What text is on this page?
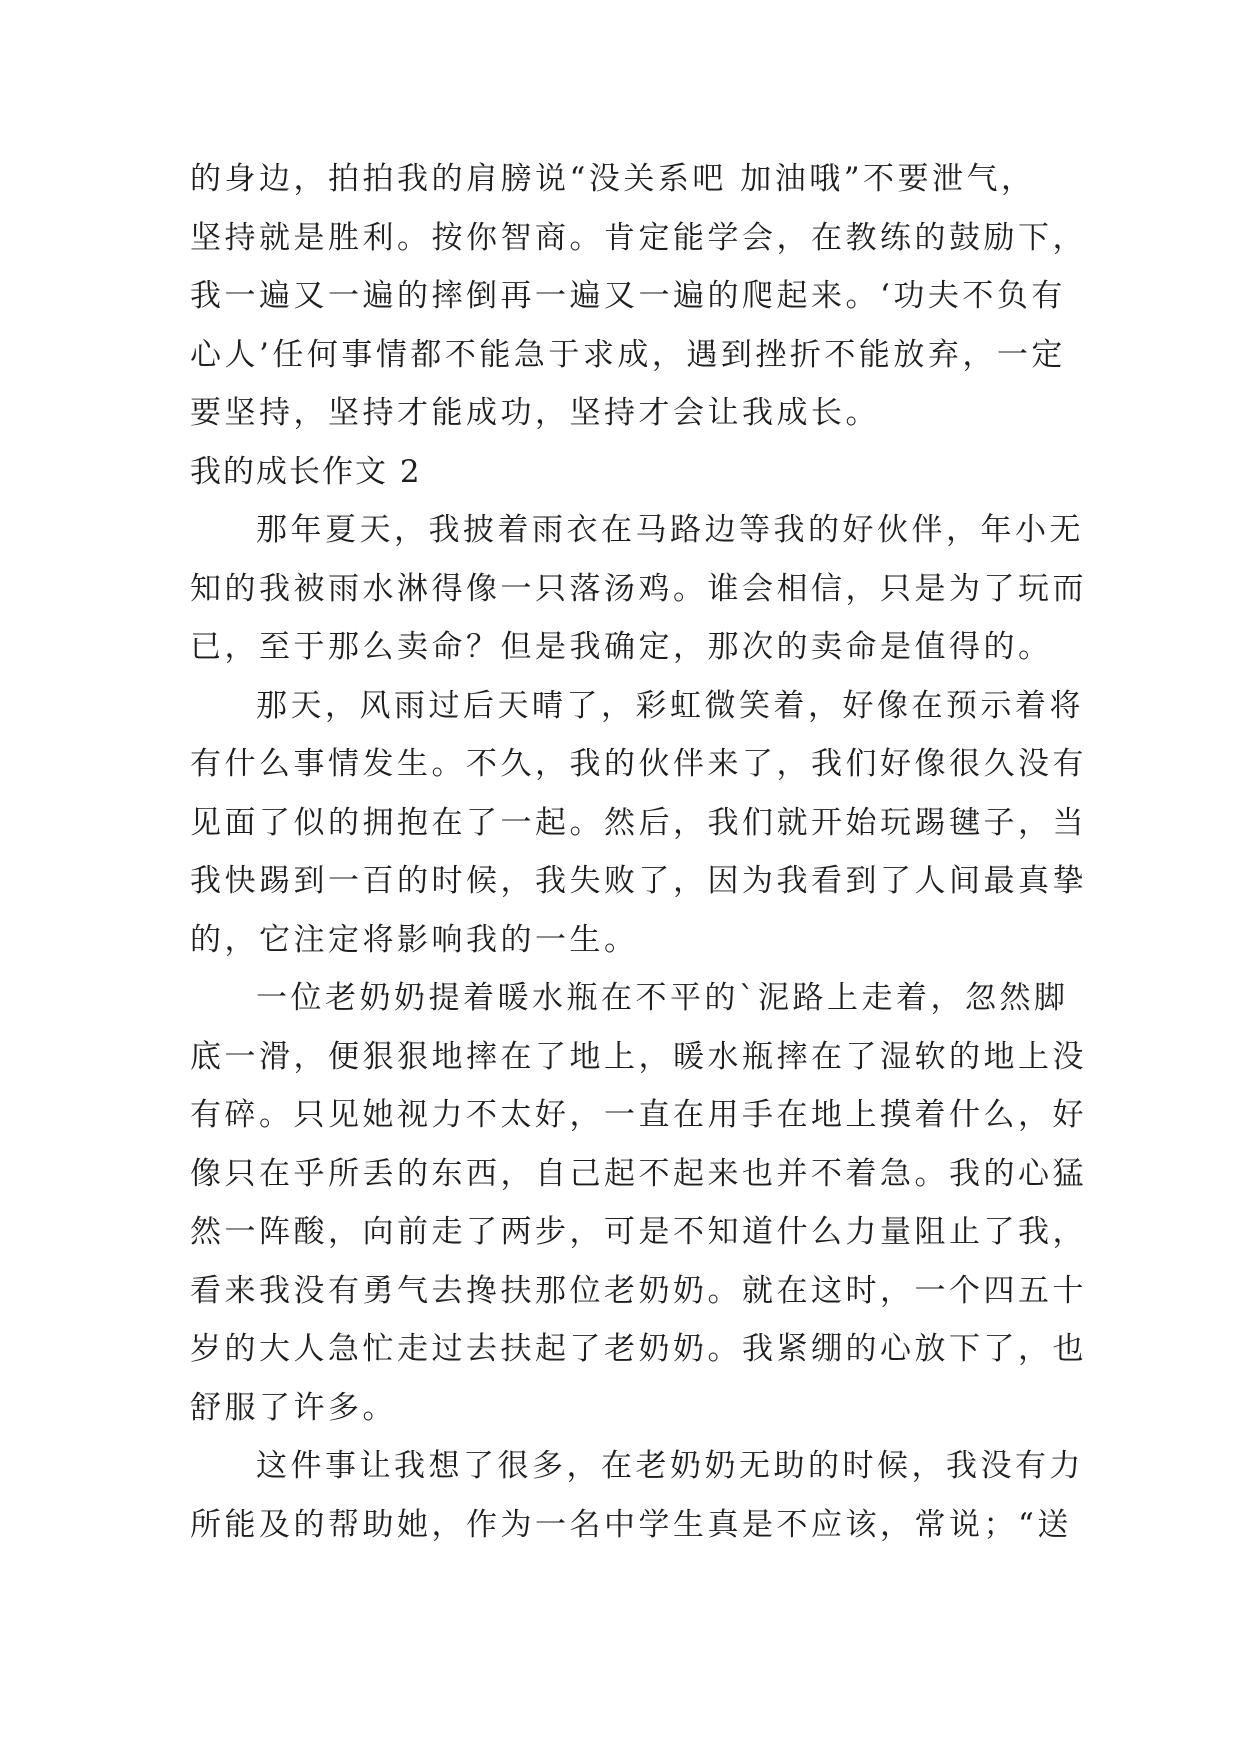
的身边，拍拍我的肩膀说“没关系吧 加油哦”不要泄气，
坚持就是胜利。按你智商。肯定能学会，在教练的鼓励下，
我一遍又一遍的摔倒再一遍又一遍的爬起来。‘功夫不负有
心人’任何事情都不能急于求成，遇到挫折不能放弃，一定
要坚持，坚持才能成功，坚持才会让我成长。
我的成长作文 2
那年夏天，我披着雨衣在马路边等我的好伙伴，年小无
知的我被雨水淋得像一只落汤鸡。谁会相信，只是为了玩而
已，至于那么卖命？但是我确定，那次的卖命是值得的。
那天，风雨过后天晴了，彩虹微笑着，好像在预示着将
有什么事情发生。不久，我的伙伴来了，我们好像很久没有
见面了似的拥抱在了一起。然后，我们就开始玩踢毽子，当
我快踢到一百的时候，我失败了，因为我看到了人间最真挚
的，它注定将影响我的一生。
一位老奶奶提着暖水瓶在不平的`泥路上走着，忽然脚
底一滑，便狠狠地摔在了地上，暖水瓶摔在了湿软的地上没
有碎。只见她视力不太好，一直在用手在地上摸着什么，好
像只在乎所丢的东西，自己起不起来也并不着急。我的心猛
然一阵酸，向前走了两步，可是不知道什么力量阻止了我，
看来我没有勇气去搀扶那位老奶奶。就在这时，一个四五十
岁的大人急忙走过去扶起了老奶奶。我紧绷的心放下了，也
舒服了许多。
这件事让我想了很多，在老奶奶无助的时候，我没有力
所能及的帮助她，作为一名中学生真是不应该，常说；“送
